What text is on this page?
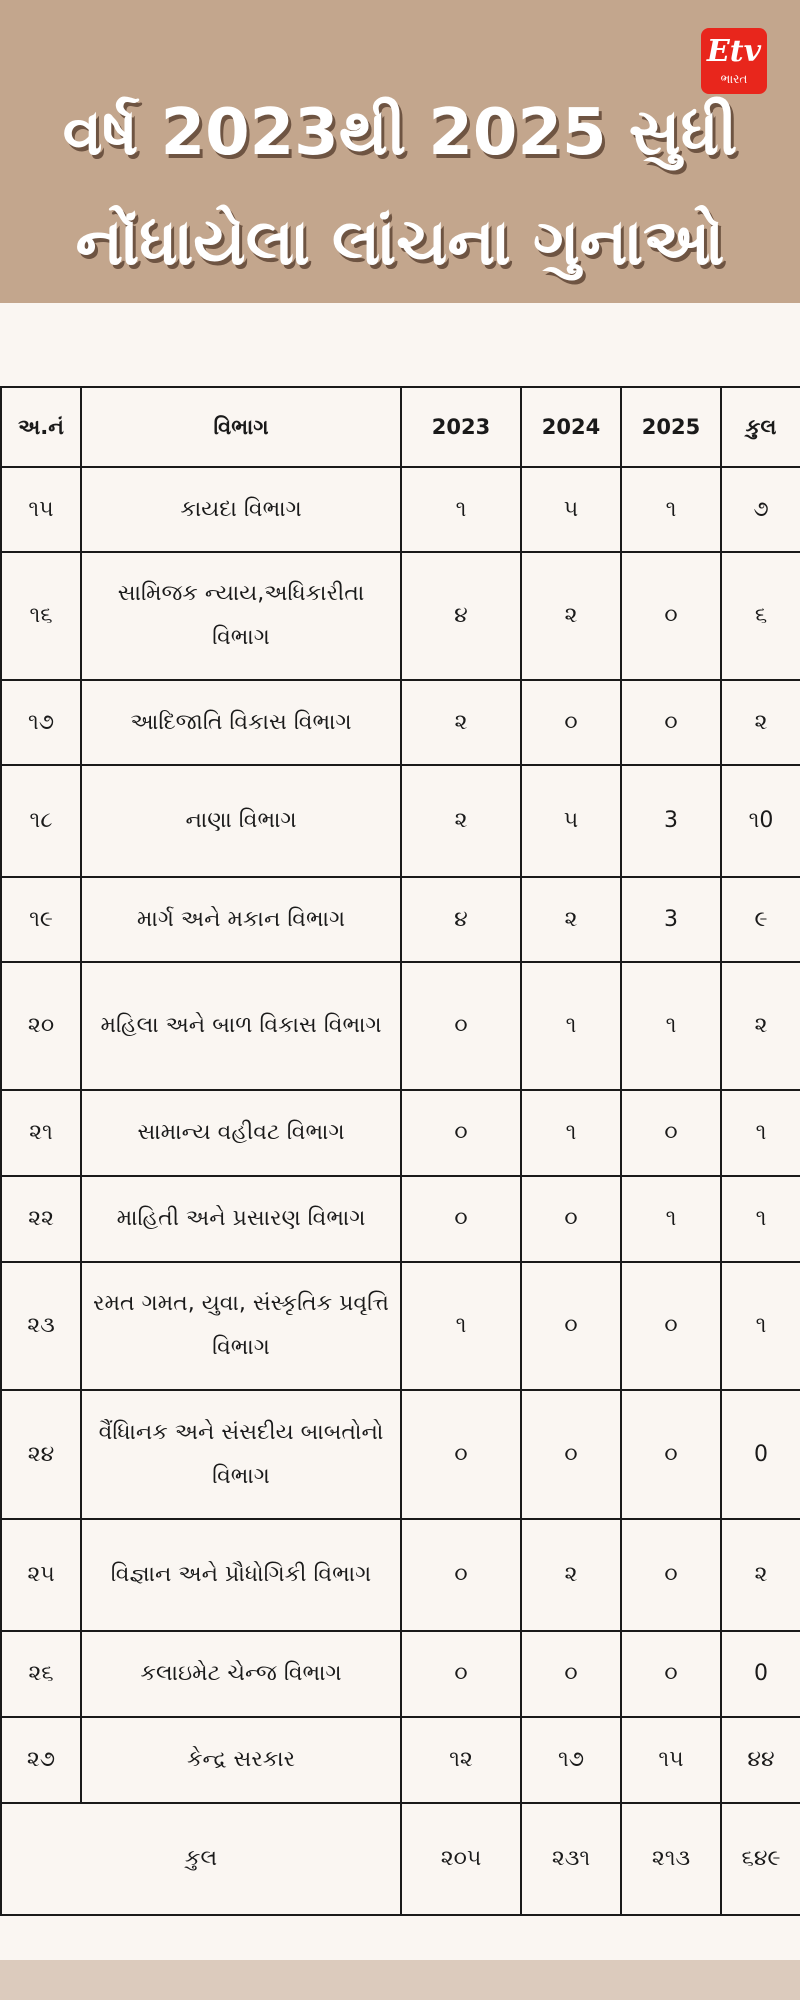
વર્ષ 2023થી 2025 સુધી
નોંધાયેલા લાંચના ગુનાઓ
Etv
ભારત
અ.નં	વિભાગ	2023	2024	2025	કુલ
૧૫	કાયદા વિભાગ	૧	૫	૧	૭
૧૬	સામિજક ન્યાય,અધિકારીતા વિભાગ	૪	૨	૦	૬
૧૭	આદિજાતિ વિકાસ વિભાગ	૨	૦	૦	૨
૧૮	નાણા વિભાગ	૨	૫	3	૧0
૧૯	માર્ગ અને મકાન વિભાગ	૪	૨	3	૯
૨૦	મહિલા અને બાળ વિકાસ વિભાગ	૦	૧	૧	૨
૨૧	સામાન્ય વહીવટ વિભાગ	૦	૧	૦	૧
૨૨	માહિતી અને પ્રસારણ વિભાગ	૦	૦	૧	૧
૨૩	રમત ગમત, યુવા, સંસ્કૃતિક પ્રવૃત્તિ વિભાગ	૧	૦	૦	૧
૨૪	વૈંધાિનક અને સંસદીય બાબતોનો વિભાગ	૦	૦	૦	0
૨૫	વિજ્ઞાન અને પ્રૌધોગિકી વિભાગ	૦	૨	૦	૨
૨૬	કલાઇમેટ ચેન્જ વિભાગ	૦	૦	૦	0
૨૭	કેન્દ્ર સરકાર	૧૨	૧૭	૧૫	૪૪
કુલ		૨૦૫	૨૩૧	૨૧૩	૬૪૯
